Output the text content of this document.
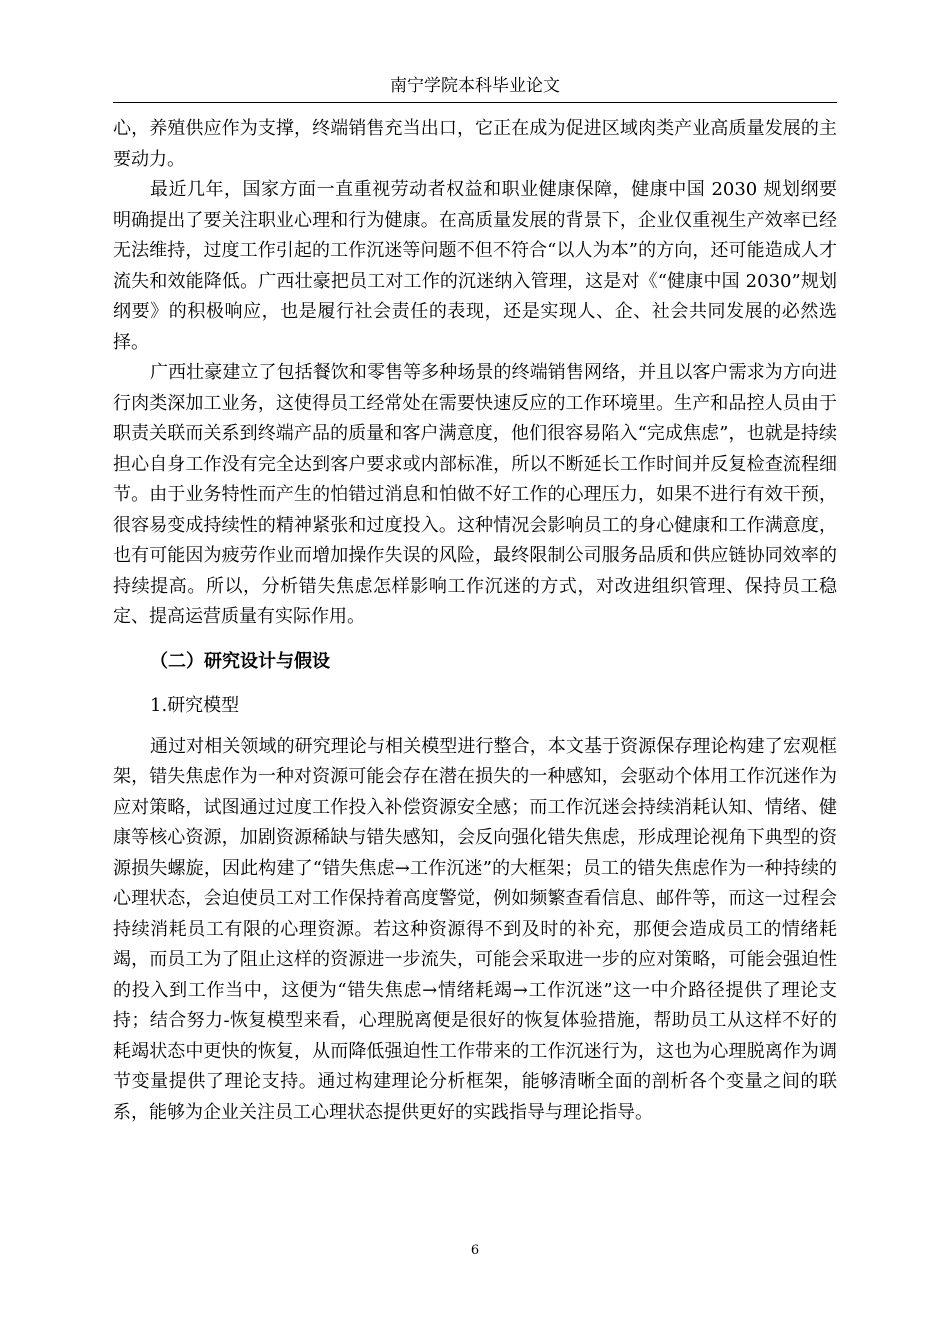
南宁学院本科毕业论文

心，养殖供应作为支撑，终端销售充当出口，它正在成为促进区域肉类产业高质量发展的主要动力。

最近几年，国家方面一直重视劳动者权益和职业健康保障，健康中国 2030 规划纲要明确提出了要关注职业心理和行为健康。在高质量发展的背景下，企业仅重视生产效率已经无法维持，过度工作引起的工作沉迷等问题不但不符合“以人为本”的方向，还可能造成人才流失和效能降低。广西壮豪把员工对工作的沉迷纳入管理，这是对《“健康中国 2030”规划纲要》的积极响应，也是履行社会责任的表现，还是实现人、企、社会共同发展的必然选择。

广西壮豪建立了包括餐饮和零售等多种场景的终端销售网络，并且以客户需求为方向进行肉类深加工业务，这使得员工经常处在需要快速反应的工作环境里。生产和品控人员由于职责关联而关系到终端产品的质量和客户满意度，他们很容易陷入“完成焦虑”，也就是持续担心自身工作没有完全达到客户要求或内部标准，所以不断延长工作时间并反复检查流程细节。由于业务特性而产生的怕错过消息和怕做不好工作的心理压力，如果不进行有效干预，很容易变成持续性的精神紧张和过度投入。这种情况会影响员工的身心健康和工作满意度，也有可能因为疲劳作业而增加操作失误的风险，最终限制公司服务品质和供应链协同效率的持续提高。所以，分析错失焦虑怎样影响工作沉迷的方式，对改进组织管理、保持员工稳定、提高运营质量有实际作用。

（二）研究设计与假设
1.研究模型

通过对相关领域的研究理论与相关模型进行整合，本文基于资源保存理论构建了宏观框架，错失焦虑作为一种对资源可能会存在潜在损失的一种感知，会驱动个体用工作沉迷作为应对策略，试图通过过度工作投入补偿资源安全感；而工作沉迷会持续消耗认知、情绪、健康等核心资源，加剧资源稀缺与错失感知，会反向强化错失焦虑，形成理论视角下典型的资源损失螺旋，因此构建了“错失焦虑→工作沉迷”的大框架；员工的错失焦虑作为一种持续的心理状态，会迫使员工对工作保持着高度警觉，例如频繁查看信息、邮件等，而这一过程会持续消耗员工有限的心理资源。若这种资源得不到及时的补充，那便会造成员工的情绪耗竭，而员工为了阻止这样的资源进一步流失，可能会采取进一步的应对策略，可能会强迫性的投入到工作当中，这便为“错失焦虑→情绪耗竭→工作沉迷”这一中介路径提供了理论支持；结合努力-恢复模型来看，心理脱离便是很好的恢复体验措施，帮助员工从这样不好的耗竭状态中更快的恢复，从而降低强迫性工作带来的工作沉迷行为，这也为心理脱离作为调节变量提供了理论支持。通过构建理论分析框架，能够清晰全面的剖析各个变量之间的联系，能够为企业关注员工心理状态提供更好的实践指导与理论指导。

6
